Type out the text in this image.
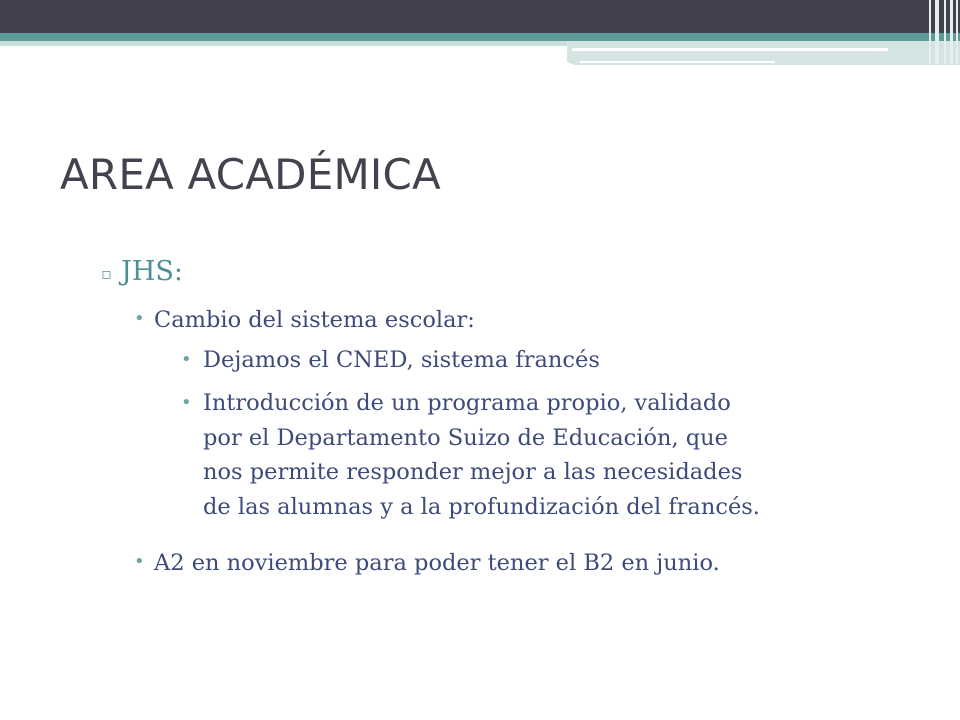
AREA ACADÉMICA
▫ JHS:
• Cambio del sistema escolar:
• Dejamos el CNED, sistema francés
• Introducción de un programa propio, validado
por el Departamento Suizo de Educación, que
nos permite responder mejor a las necesidades
de las alumnas y a la profundización del francés.
• A2 en noviembre para poder tener el B2 en junio.
